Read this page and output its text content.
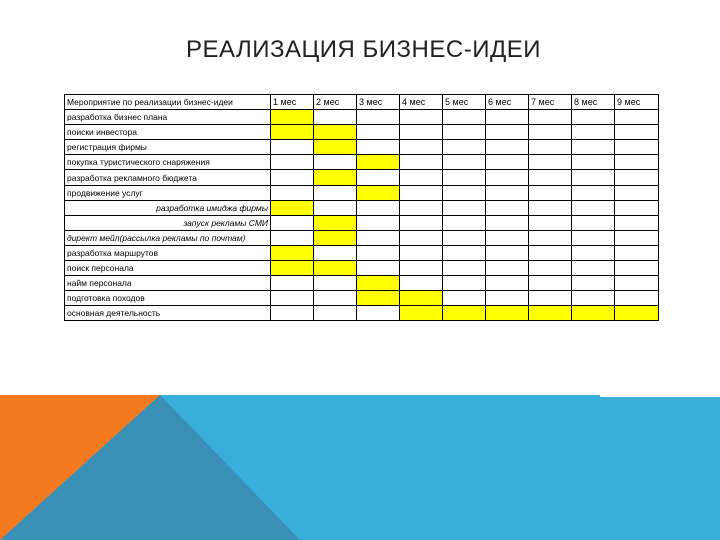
РЕАЛИЗАЦИЯ БИЗНЕС-ИДЕИ
Мероприятие по реализации бизнес-идеи	1 мес	2 мес	3 мес	4 мес	5 мес	6 мес	7 мес	8 мес	9 мес
разработка бизнес плана									
поиски инвестора									
регистрация фирмы									
покупка туристического снаряжения									
разработка рекламного бюджета									
продвижение услуг									
разработка имиджа фирмы									
запуск рекламы СМИ									
директ мейл(рассылка рекламы по почтам)									
разработка маршрутов									
поиск персонала									
найм персонала									
подготовка походов									
основная деятельность									
